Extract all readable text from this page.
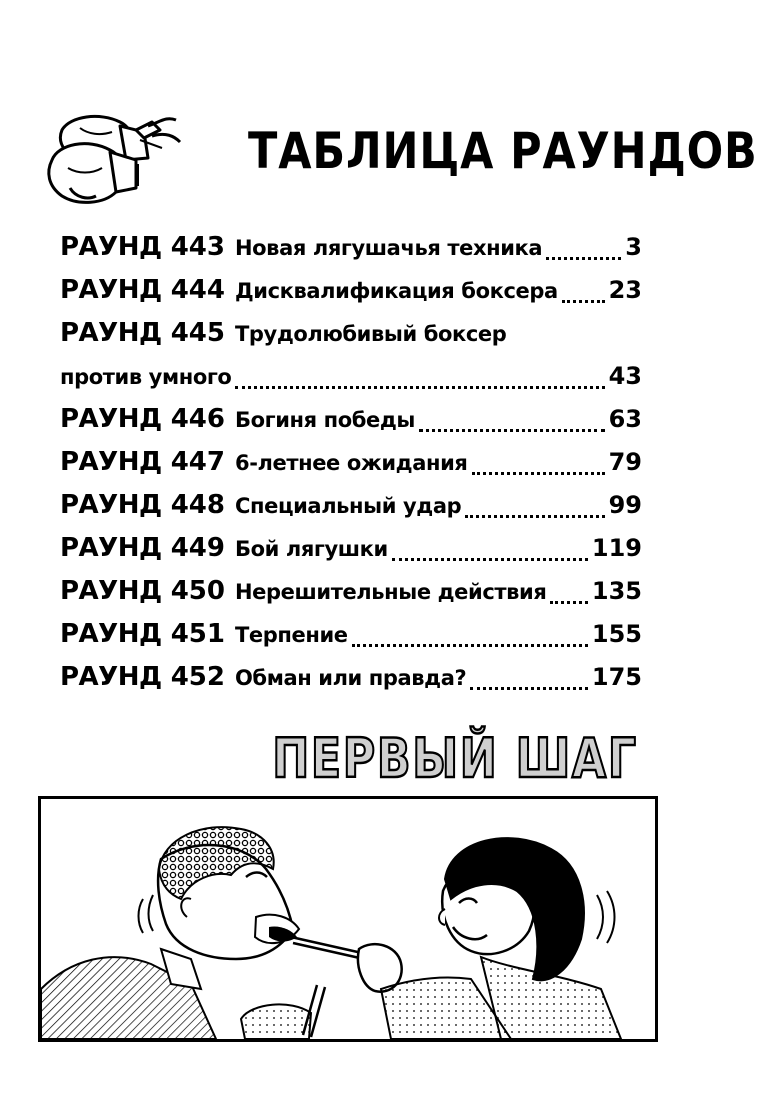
ТАБЛИЦА РАУНДОВ
РАУНД
443 Новая лягушачья техника	3
РАУНД
444 Дисквалификация боксера 23
РАУНД
445 Трудолюбивый боксер
против умного	43
РАУНД
446 Богиня победы	63
РАУНД
447 6-летнее ожидания	79
РАУНД
448 Специальный удар	99
РАУНД
449 Бой лягушки	119
РАУНД
450 Нерешительные действия 135
РАУНД
451 Терпение	155
РАУНД
452 Обман или правда?	175
ПЕРВЫЙ ШАГ
